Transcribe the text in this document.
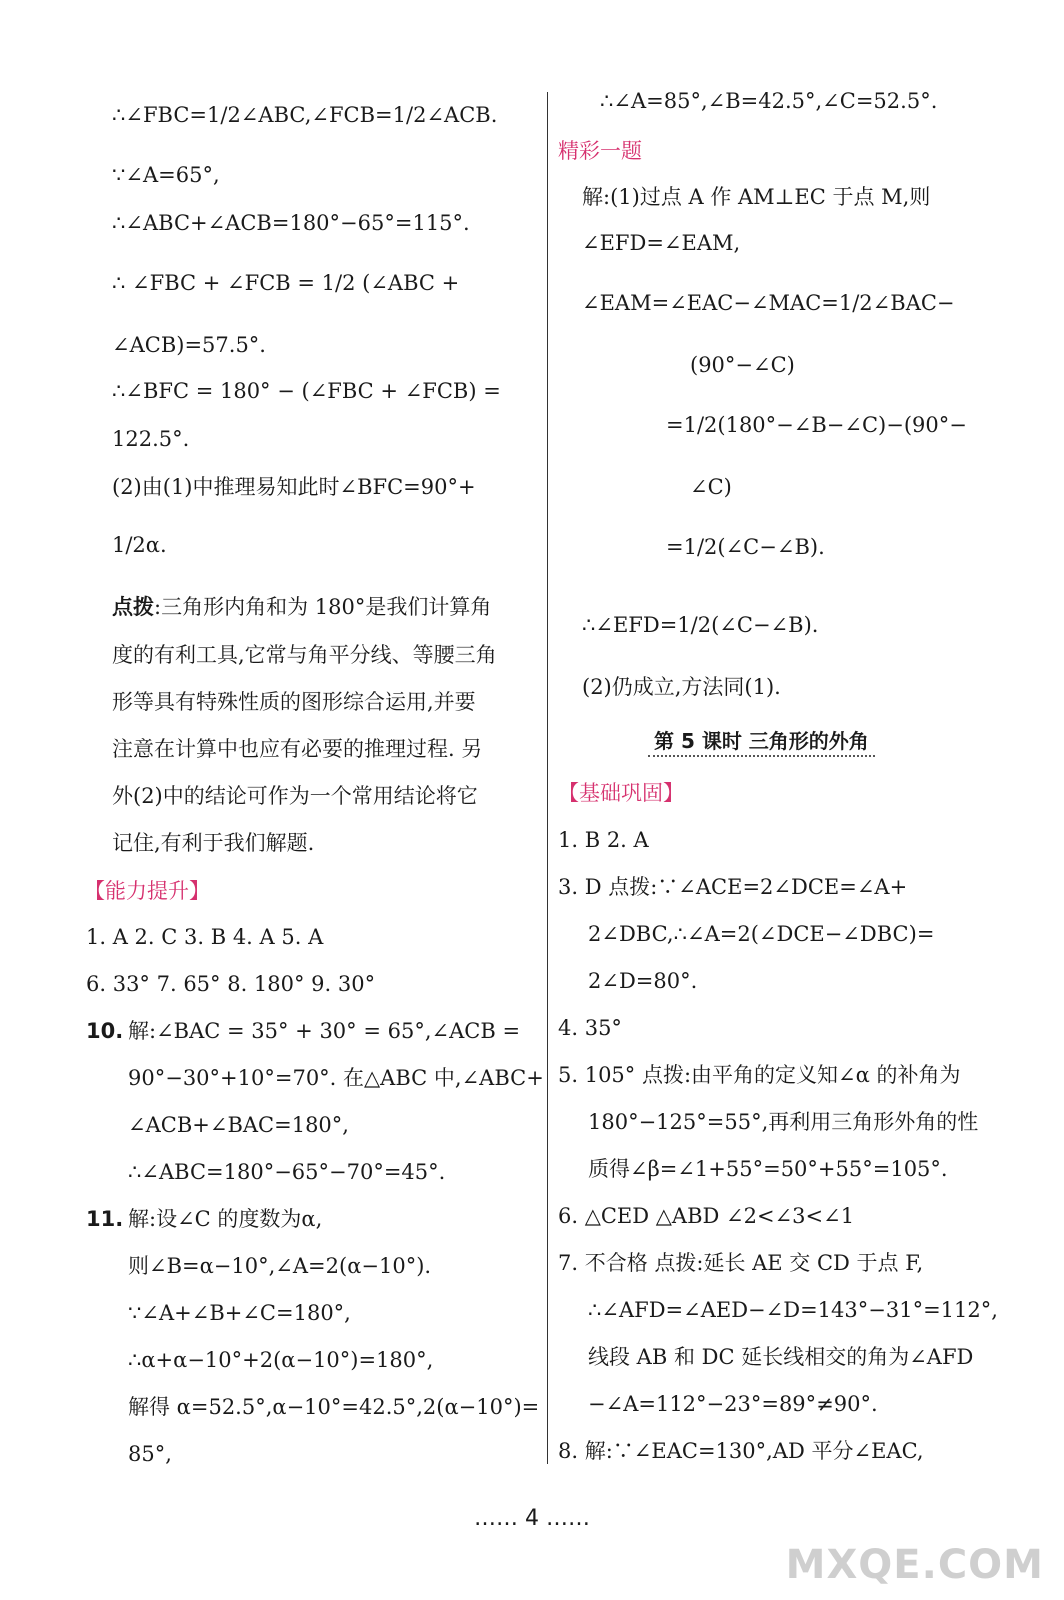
∴∠FBC=1/2∠ABC,∠FCB=1/2∠ACB.
∵∠A=65°,
∴∠ABC+∠ACB=180°−65°=115°.
∴ ∠FBC + ∠FCB = 1/2 (∠ABC +
∠ACB)=57.5°.
∴∠BFC = 180° − (∠FBC + ∠FCB) =
122.5°.
(2)由(1)中推理易知此时∠BFC=90°+
1/2α.
点拨:三角形内角和为 180°是我们计算角
度的有利工具,它常与角平分线、等腰三角
形等具有特殊性质的图形综合运用,并要
注意在计算中也应有必要的推理过程. 另
外(2)中的结论可作为一个常用结论将它
记住,有利于我们解题.
【能力提升】
1. A 2. C 3. B 4. A 5. A
6. 33° 7. 65° 8. 180° 9. 30°
10. 解:∠BAC = 35° + 30° = 65°,∠ACB =
90°−30°+10°=70°. 在△ABC 中,∠ABC+
∠ACB+∠BAC=180°,
∴∠ABC=180°−65°−70°=45°.
11. 解:设∠C 的度数为α,
则∠B=α−10°,∠A=2(α−10°).
∵∠A+∠B+∠C=180°,
∴α+α−10°+2(α−10°)=180°,
解得 α=52.5°,α−10°=42.5°,2(α−10°)=
85°,
∴∠A=85°,∠B=42.5°,∠C=52.5°.
精彩一题
解:(1)过点 A 作 AM⊥EC 于点 M,则
∠EFD=∠EAM,
∠EAM=∠EAC−∠MAC=1/2∠BAC−
(90°−∠C)
=1/2(180°−∠B−∠C)−(90°−
∠C)
=1/2(∠C−∠B).
∴∠EFD=1/2(∠C−∠B).
(2)仍成立,方法同(1).
第 5 课时 三角形的外角
【基础巩固】
1. B 2. A
3. D 点拨:∵∠ACE=2∠DCE=∠A+
2∠DBC,∴∠A=2(∠DCE−∠DBC)=
2∠D=80°.
4. 35°
5. 105° 点拨:由平角的定义知∠α 的补角为
180°−125°=55°,再利用三角形外角的性
质得∠β=∠1+55°=50°+55°=105°.
6. △CED △ABD ∠2<∠3<∠1
7. 不合格 点拨:延长 AE 交 CD 于点 F,
∴∠AFD=∠AED−∠D=143°−31°=112°,
线段 AB 和 DC 延长线相交的角为∠AFD
−∠A=112°−23°=89°≠90°.
8. 解:∵∠EAC=130°,AD 平分∠EAC,
…… 4 ……
MXQE.COM
